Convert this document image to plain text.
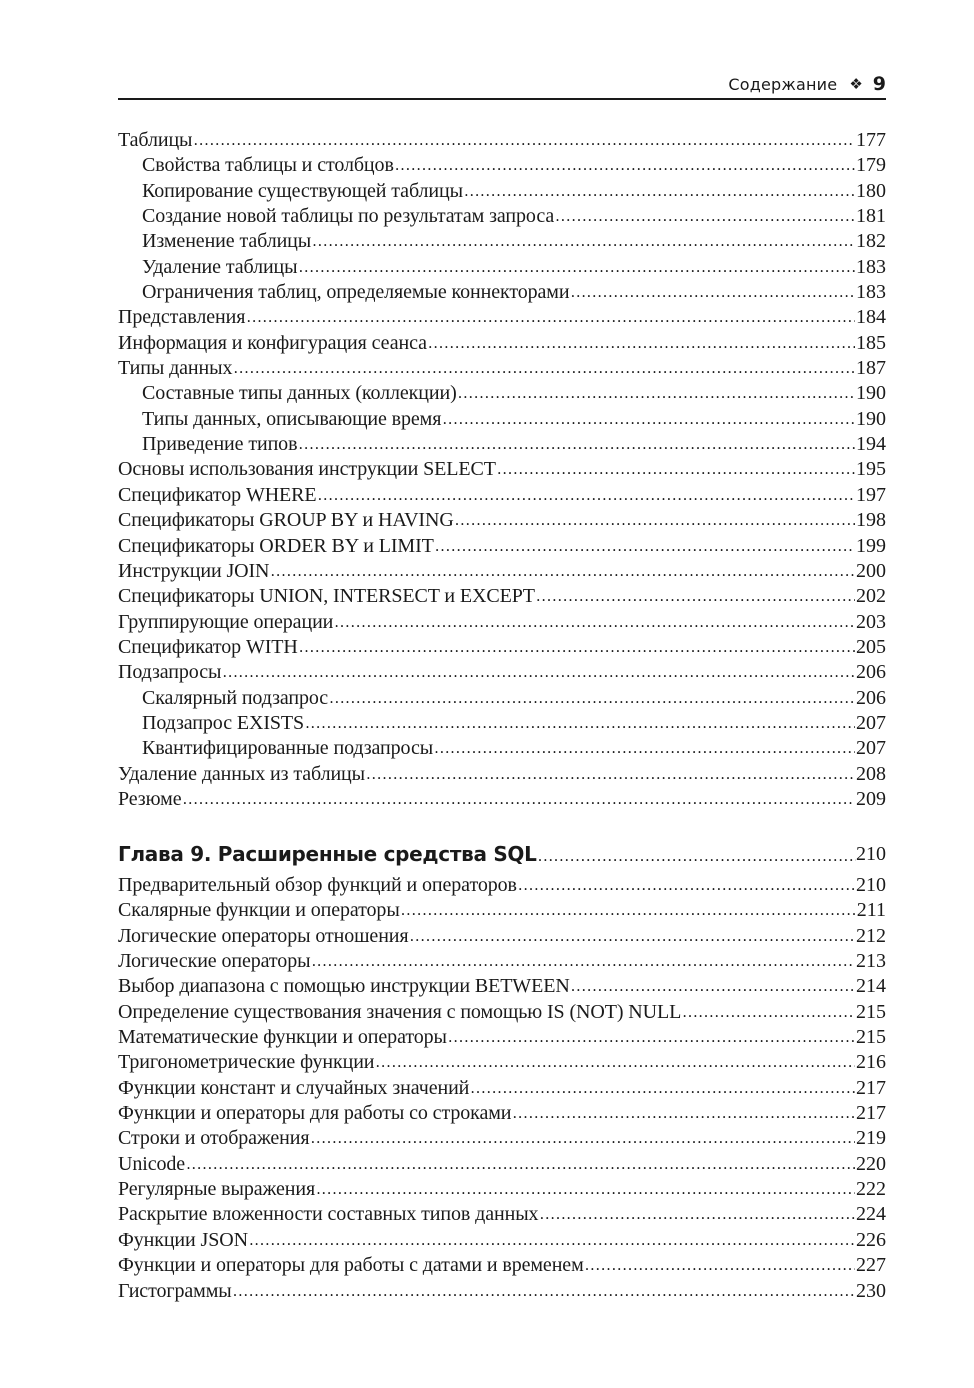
Содержание ❖ 9
Таблицы .....	177
Свойства таблицы и столбцов .....	179
Копирование существующей таблицы .....	180
Создание новой таблицы по результатам запроса .....	181
Изменение таблицы .....	182
Удаление таблицы .....	183
Ограничения таблиц, определяемые коннекторами .....	183
Представления .....	184
Информация и конфигурация сеанса .....	185
Типы данных .....	187
Составные типы данных (коллекции) .....	190
Типы данных, описывающие время .....	190
Приведение типов .....	194
Основы использования инструкции SELECT .....	195
Спецификатор WHERE .....	197
Спецификаторы GROUP BY и HAVING .....	198
Спецификаторы ORDER BY и LIMIT .....	199
Инструкции JOIN .....	200
Спецификаторы UNION, INTERSECT и EXCEPT .....	202
Группирующие операции .....	203
Спецификатор WITH .....	205
Подзапросы .....	206
Скалярный подзапрос .....	206
Подзапрос EXISTS .....	207
Квантифицированные подзапросы .....	207
Удаление данных из таблицы .....	208
Резюме .....	209
Глава 9. Расширенные средства SQL .....	210
Предварительный обзор функций и операторов .....	210
Скалярные функции и операторы .....	211
Логические операторы отношения .....	212
Логические операторы .....	213
Выбор диапазона с помощью инструкции BETWEEN .....	214
Определение существования значения с помощью IS (NOT) NULL .....	215
Математические функции и операторы .....	215
Тригонометрические функции .....	216
Функции констант и случайных значений .....	217
Функции и операторы для работы со строками .....	217
Строки и отображения .....	219
Unicode .....	220
Регулярные выражения .....	222
Раскрытие вложенности составных типов данных .....	224
Функции JSON .....	226
Функции и операторы для работы с датами и временем .....	227
Гистограммы .....	230
